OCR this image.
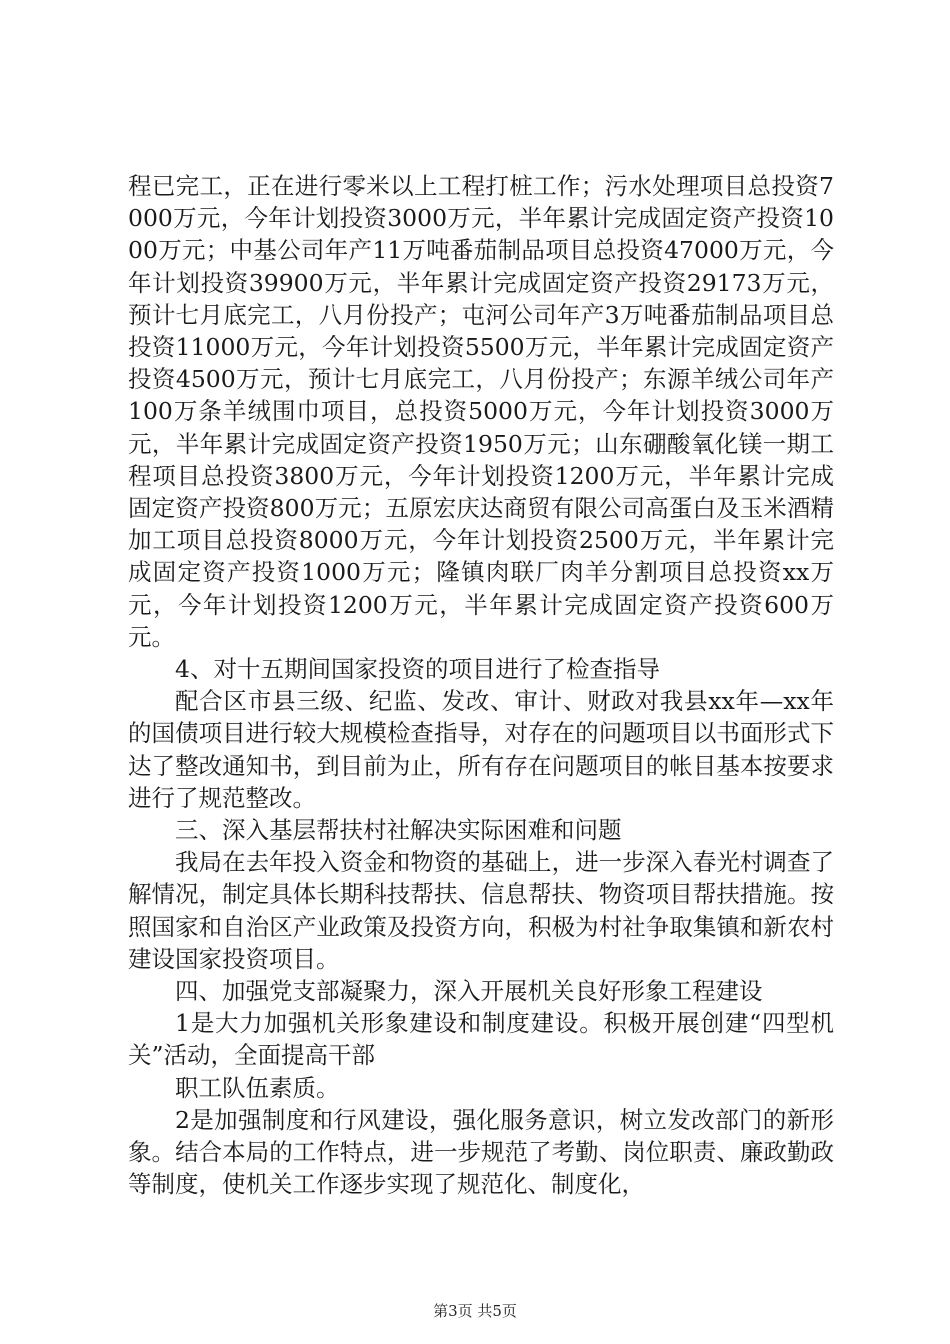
程已完工，正在进行零米以上工程打桩工作；污水处理项目总投资7000万元，今年计划投资3000万元，半年累计完成固定资产投资1000万元；中基公司年产11万吨番茄制品项目总投资47000万元，今年计划投资39900万元，半年累计完成固定资产投资29173万元，预计七月底完工，八月份投产；屯河公司年产3万吨番茄制品项目总投资11000万元，今年计划投资5500万元，半年累计完成固定资产投资4500万元，预计七月底完工，八月份投产；东源羊绒公司年产100万条羊绒围巾项目，总投资5000万元，今年计划投资3000万元，半年累计完成固定资产投资1950万元；山东硼酸氧化镁一期工程项目总投资3800万元，今年计划投资1200万元，半年累计完成固定资产投资800万元；五原宏庆达商贸有限公司高蛋白及玉米酒精加工项目总投资8000万元，今年计划投资2500万元，半年累计完成固定资产投资1000万元；隆镇肉联厂肉羊分割项目总投资xx万元，今年计划投资1200万元，半年累计完成固定资产投资600万元。

4、对十五期间国家投资的项目进行了检查指导

配合区市县三级、纪监、发改、审计、财政对我县xx年—xx年的国债项目进行较大规模检查指导，对存在的问题项目以书面形式下达了整改通知书，到目前为止，所有存在问题项目的帐目基本按要求进行了规范整改。

三、深入基层帮扶村社解决实际困难和问题

我局在去年投入资金和物资的基础上，进一步深入春光村调查了解情况，制定具体长期科技帮扶、信息帮扶、物资项目帮扶措施。按照国家和自治区产业政策及投资方向，积极为村社争取集镇和新农村建设国家投资项目。

四、加强党支部凝聚力，深入开展机关良好形象工程建设

1是大力加强机关形象建设和制度建设。积极开展创建“四型机关”活动，全面提高干部

职工队伍素质。

2是加强制度和行风建设，强化服务意识，树立发改部门的新形象。结合本局的工作特点，进一步规范了考勤、岗位职责、廉政勤政等制度，使机关工作逐步实现了规范化、制度化，

第3页 共5页
